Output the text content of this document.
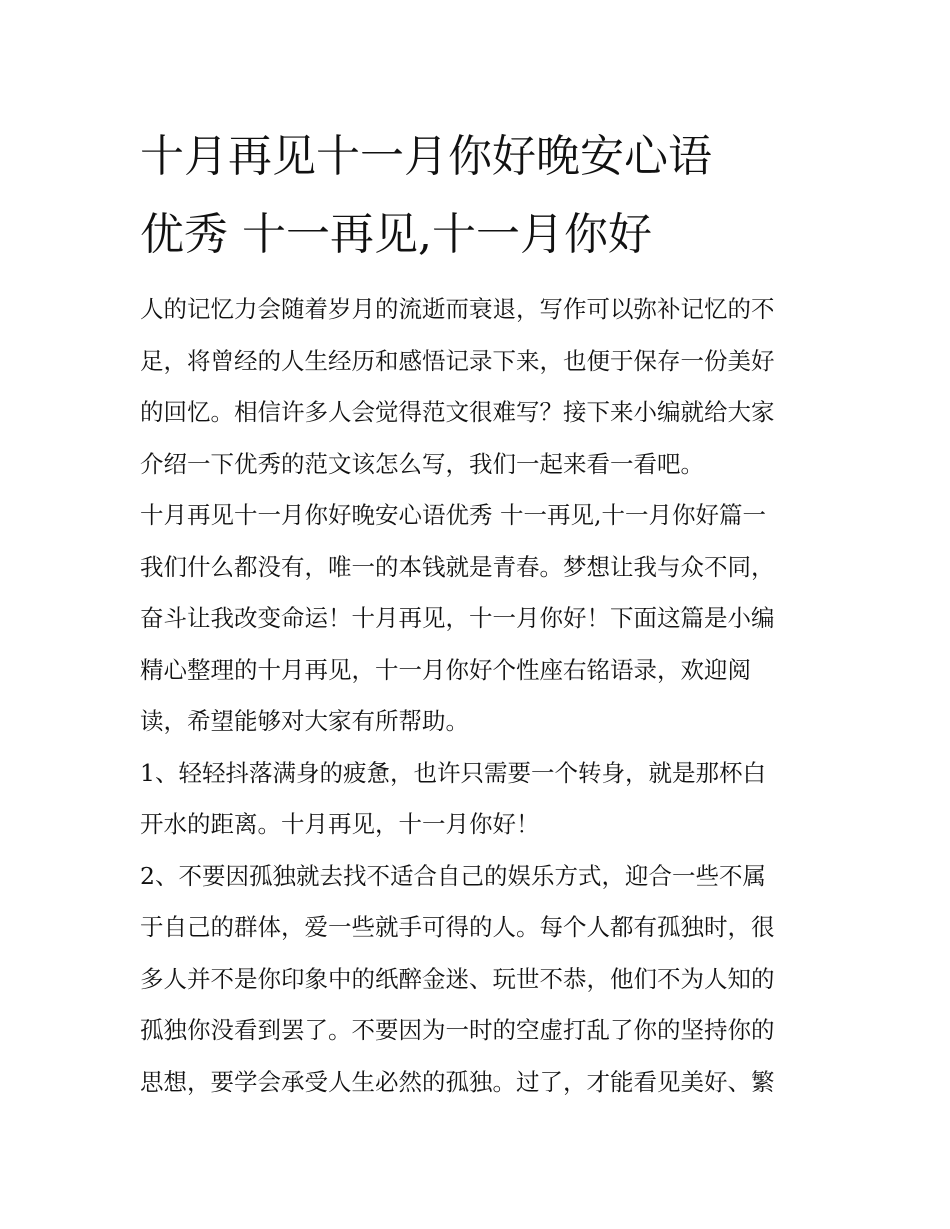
十月再见十一月你好晚安心语
优秀 十一再见,十一月你好

人的记忆力会随着岁月的流逝而衰退，写作可以弥补记忆的不
足，将曾经的人生经历和感悟记录下来，也便于保存一份美好
的回忆。相信许多人会觉得范文很难写？接下来小编就给大家
介绍一下优秀的范文该怎么写，我们一起来看一看吧。

十月再见十一月你好晚安心语优秀 十一再见,十一月你好篇一

我们什么都没有，唯一的本钱就是青春。梦想让我与众不同，
奋斗让我改变命运！十月再见，十一月你好！下面这篇是小编
精心整理的十月再见，十一月你好个性座右铭语录，欢迎阅
读，希望能够对大家有所帮助。

1、轻轻抖落满身的疲惫，也许只需要一个转身，就是那杯白
开水的距离。十月再见，十一月你好！

2、不要因孤独就去找不适合自己的娱乐方式，迎合一些不属
于自己的群体，爱一些就手可得的人。每个人都有孤独时，很
多人并不是你印象中的纸醉金迷、玩世不恭，他们不为人知的
孤独你没看到罢了。不要因为一时的空虚打乱了你的坚持你的
思想，要学会承受人生必然的孤独。过了，才能看见美好、繁
